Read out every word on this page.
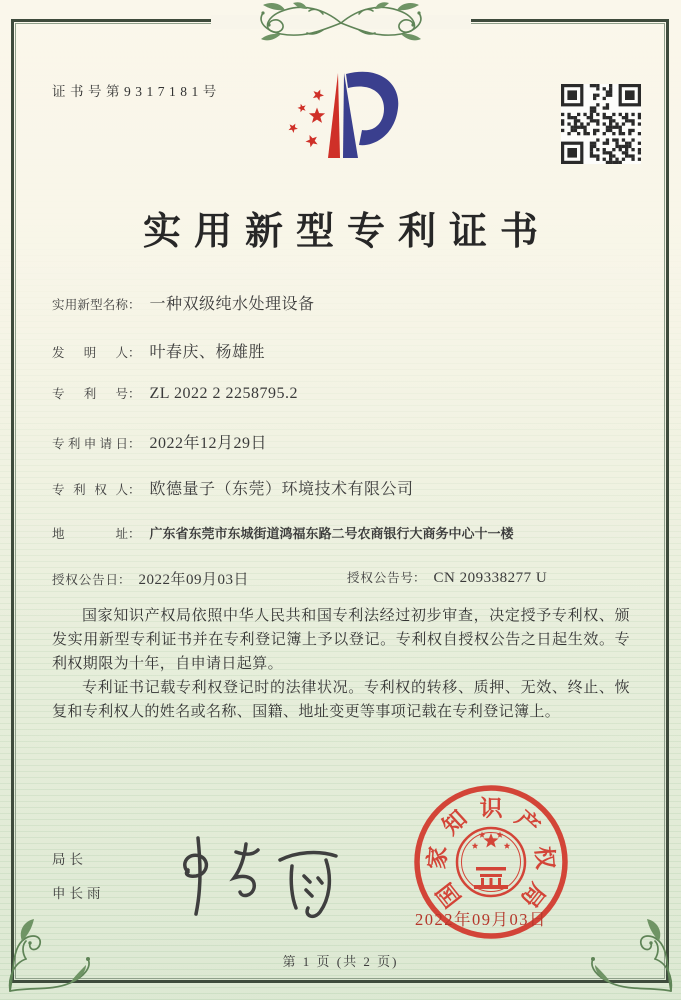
证书号第9317181号
实用新型专利证书
实用新型名称： 一种双级纯水处理设备
发明人： 叶春庆、杨雄胜
专利号： ZL 2022 2 2258795.2
专利申请日： 2022年12月29日
专利权人： 欧德量子（东莞）环境技术有限公司
地址： 广东省东莞市东城街道鸿福东路二号农商银行大商务中心十一楼
授权公告日： 2022年09月03日	授权公告号： CN 209338277 U

国家知识产权局依照中华人民共和国专利法经过初步审查，决定授予专利权、颁发实用新型专利证书并在专利登记簿上予以登记。专利权自授权公告之日起生效。专利权期限为十年，自申请日起算。

专利证书记载专利权登记时的法律状况。专利权的转移、质押、无效、终止、恢复和专利权人的姓名或名称、国籍、地址变更等事项记载在专利登记簿上。

国
家
知 识 产
权
局
2022年09月03日
局长
申长雨
第 1 页 (共 2 页)
